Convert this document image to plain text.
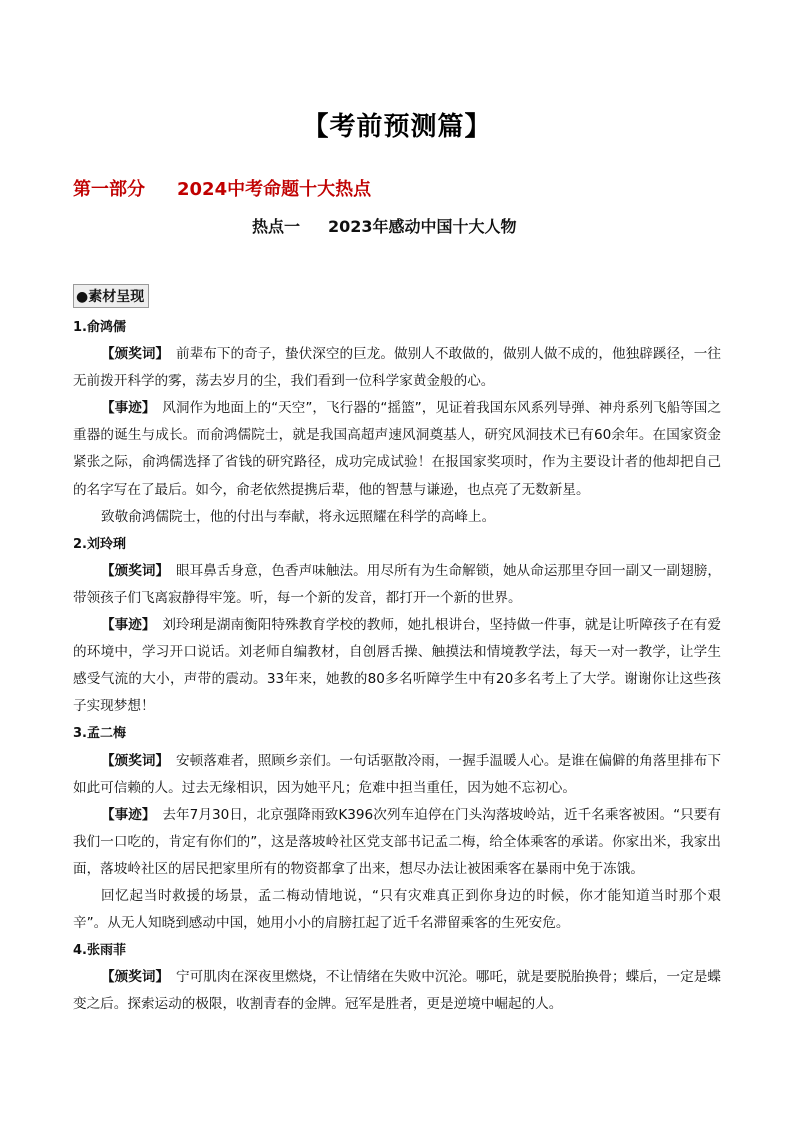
【考前预测篇】
第一部分 2024中考命题十大热点
热点一 2023年感动中国十大人物
●素材呈现

1.俞鸿儒

【颁奖词】　 前辈布下的奇子，蛰伏深空的巨龙。做别人不敢做的，做别人做不成的，他独辟蹊径，一往无前拨开科学的雾，荡去岁月的尘，我们看到一位科学家黄金般的心。

【事迹】　 风洞作为地面上的“天空”，飞行器的“摇篮”，见证着我国东风系列导弹、神舟系列飞船等国之重器的诞生与成长。而俞鸿儒院士，就是我国高超声速风洞奠基人，研究风洞技术已有60余年。在国家资金紧张之际，俞鸿儒选择了省钱的研究路径，成功完成试验！在报国家奖项时，作为主要设计者的他却把自己的名字写在了最后。如今，俞老依然提携后辈，他的智慧与谦逊，也点亮了无数新星。

致敬俞鸿儒院士，他的付出与奉献，将永远照耀在科学的高峰上。

2.刘玲琍

【颁奖词】　 眼耳鼻舌身意，色香声味触法。用尽所有为生命解锁，她从命运那里夺回一副又一副翅膀，带领孩子们飞离寂静得牢笼。听，每一个新的发音，都打开一个新的世界。

【事迹】　 刘玲琍是湖南衡阳特殊教育学校的教师，她扎根讲台，坚持做一件事，就是让听障孩子在有爱的环境中，学习开口说话。刘老师自编教材，自创唇舌操、触摸法和情境教学法，每天一对一教学，让学生感受气流的大小，声带的震动。33年来，她教的80多名听障学生中有20多名考上了大学。谢谢你让这些孩子实现梦想！

3.孟二梅

【颁奖词】　 安顿落难者，照顾乡亲们。一句话驱散冷雨，一握手温暖人心。是谁在偏僻的角落里排布下如此可信赖的人。过去无缘相识，因为她平凡；危难中担当重任，因为她不忘初心。

【事迹】　 去年7月30日，北京强降雨致K396次列车迫停在门头沟落坡岭站，近千名乘客被困。“只要有我们一口吃的，肯定有你们的”，这是落坡岭社区党支部书记孟二梅，给全体乘客的承诺。你家出米，我家出面，落坡岭社区的居民把家里所有的物资都拿了出来，想尽办法让被困乘客在暴雨中免于冻饿。

回忆起当时救援的场景，孟二梅动情地说，“只有灾难真正到你身边的时候，你才能知道当时那个艰辛”。从无人知晓到感动中国，她用小小的肩膀扛起了近千名滞留乘客的生死安危。

4.张雨菲

【颁奖词】　 宁可肌肉在深夜里燃烧，不让情绪在失败中沉沦。哪吒，就是要脱胎换骨；蝶后，一定是蝶变之后。探索运动的极限，收割青春的金牌。冠军是胜者，更是逆境中崛起的人。
